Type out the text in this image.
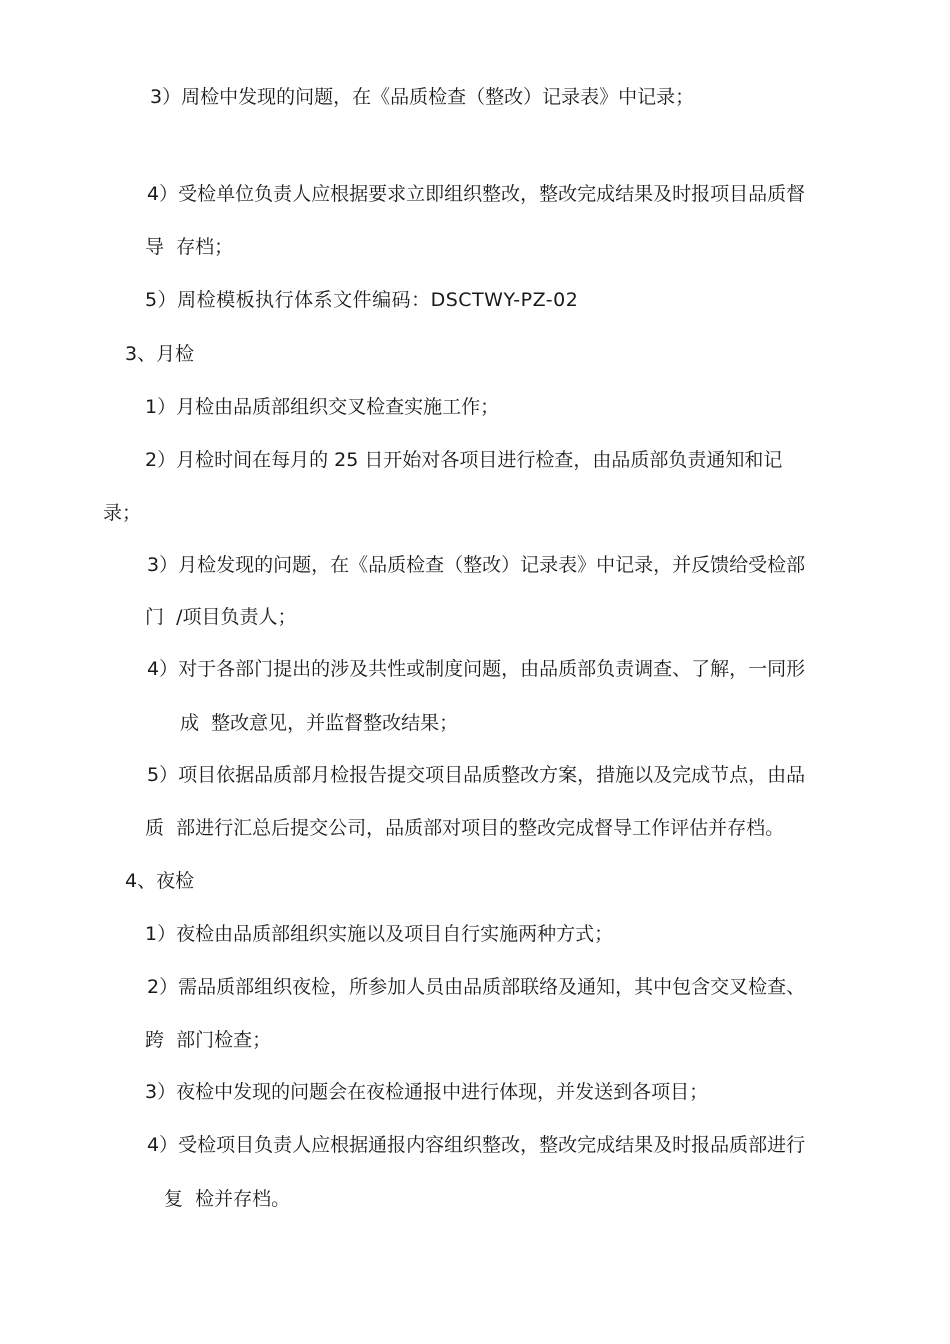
3）周检中发现的问题，在《品质检查（整改）记录表》中记录；
4）受检单位负责人应根据要求立即组织整改，整改完成结果及时报项目品质督
导  存档；
5）周检模板执行体系文件编码：DSCTWY-PZ-02
3、月检
1）月检由品质部组织交叉检查实施工作；
2）月检时间在每月的 25 日开始对各项目进行检查，由品质部负责通知和记
录；
3）月检发现的问题，在《品质检查（整改）记录表》中记录，并反馈给受检部
门  /项目负责人；
4）对于各部门提出的涉及共性或制度问题，由品质部负责调查、了解，一同形
成  整改意见，并监督整改结果；
5）项目依据品质部月检报告提交项目品质整改方案，措施以及完成节点，由品
质  部进行汇总后提交公司，品质部对项目的整改完成督导工作评估并存档。
4、夜检
1）夜检由品质部组织实施以及项目自行实施两种方式；
2）需品质部组织夜检，所参加人员由品质部联络及通知，其中包含交叉检查、
跨  部门检查；
3）夜检中发现的问题会在夜检通报中进行体现，并发送到各项目；
4）受检项目负责人应根据通报内容组织整改，整改完成结果及时报品质部进行
复  检并存档。
